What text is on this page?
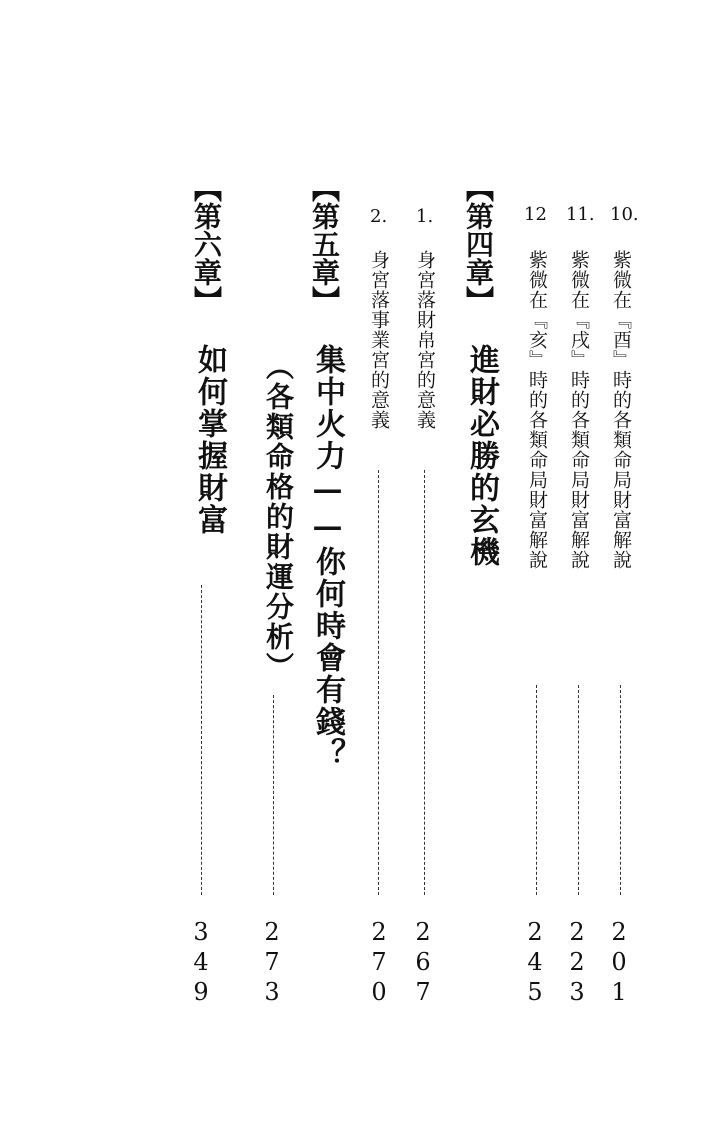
10.
紫微在『酉』時的各類命局財富解說
201
11.
紫微在『戌』時的各類命局財富解說
223
12
紫微在『亥』時的各類命局財富解說
245
【第四章】
進財必勝的玄機
1.
身宮落財帛宮的意義
267
2.
身宮落事業宮的意義
270
【第五章】
集中火力——你何時會有錢？
（各類命格的財運分析）
273
【第六章】
如何掌握財富
349
